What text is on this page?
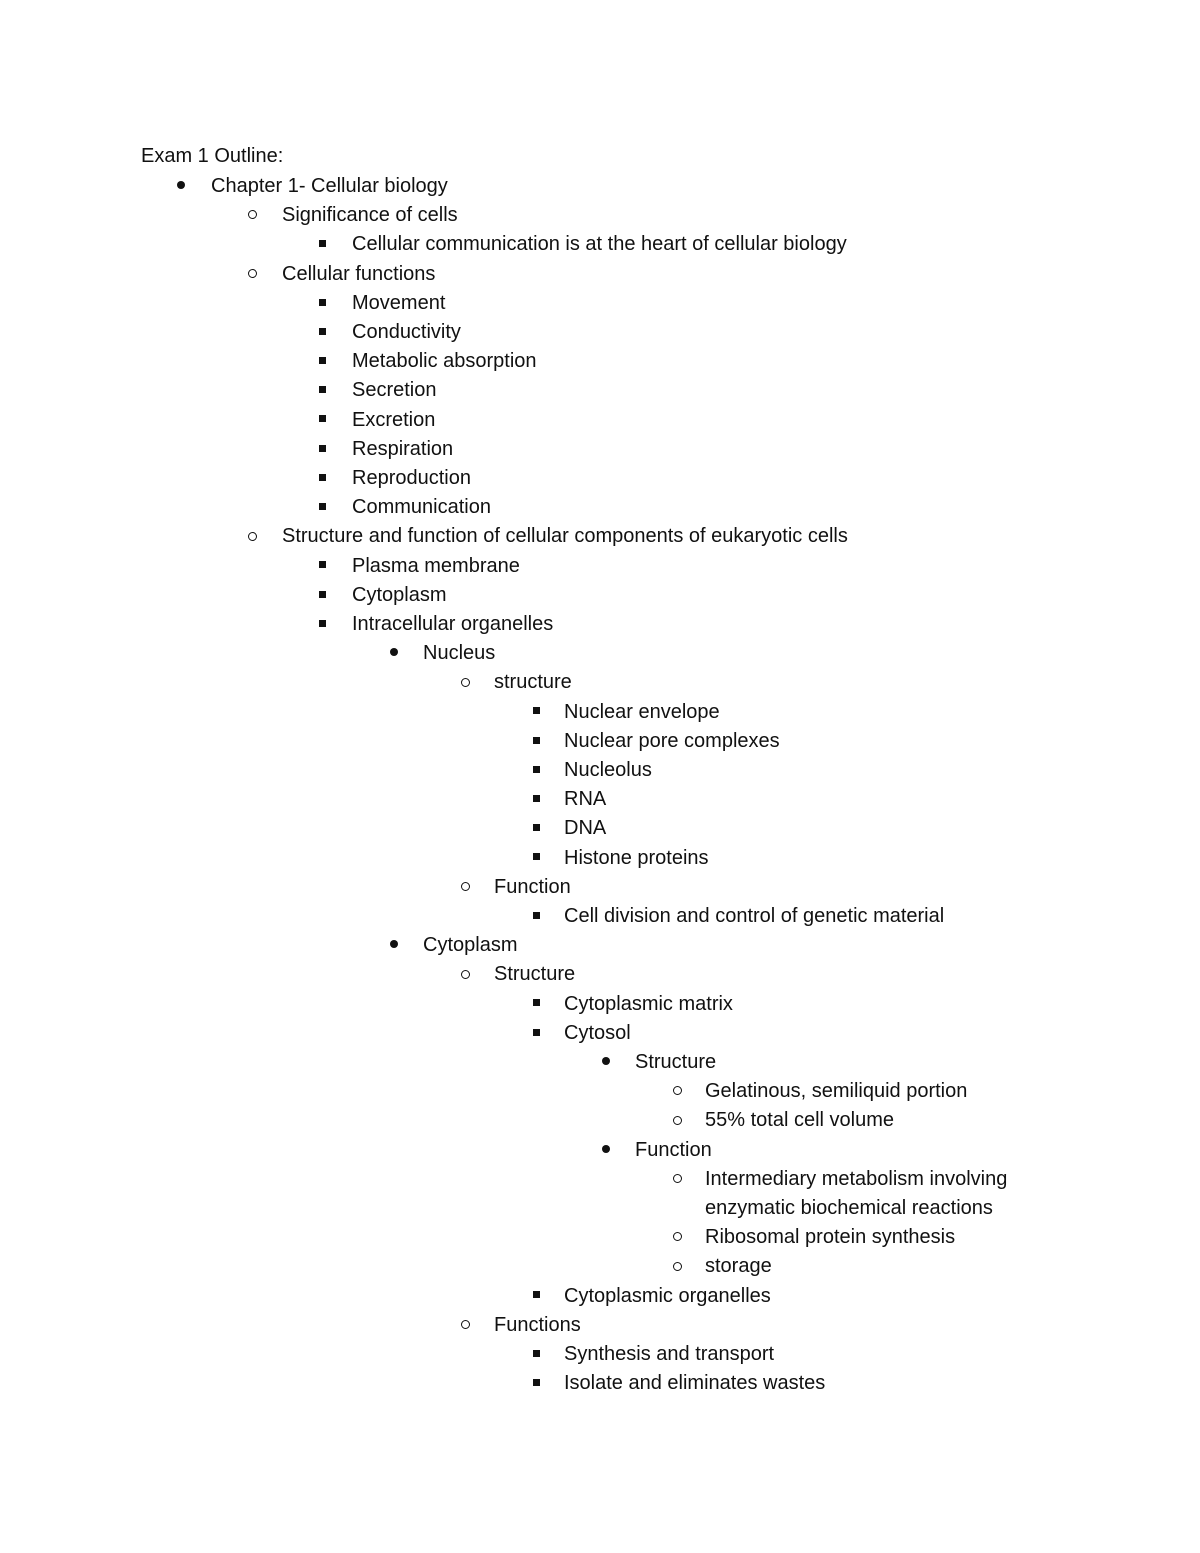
Exam 1 Outline:
Chapter 1- Cellular biology
Significance of cells
Cellular communication is at the heart of cellular biology
Cellular functions
Movement
Conductivity
Metabolic absorption
Secretion
Excretion
Respiration
Reproduction
Communication
Structure and function of cellular components of eukaryotic cells
Plasma membrane
Cytoplasm
Intracellular organelles
Nucleus
structure
Nuclear envelope
Nuclear pore complexes
Nucleolus
RNA
DNA
Histone proteins
Function
Cell division and control of genetic material
Cytoplasm
Structure
Cytoplasmic matrix
Cytosol
Structure
Gelatinous, semiliquid portion
55% total cell volume
Function
Intermediary metabolism involving
enzymatic biochemical reactions
Ribosomal protein synthesis
storage
Cytoplasmic organelles
Functions
Synthesis and transport
Isolate and eliminates wastes
